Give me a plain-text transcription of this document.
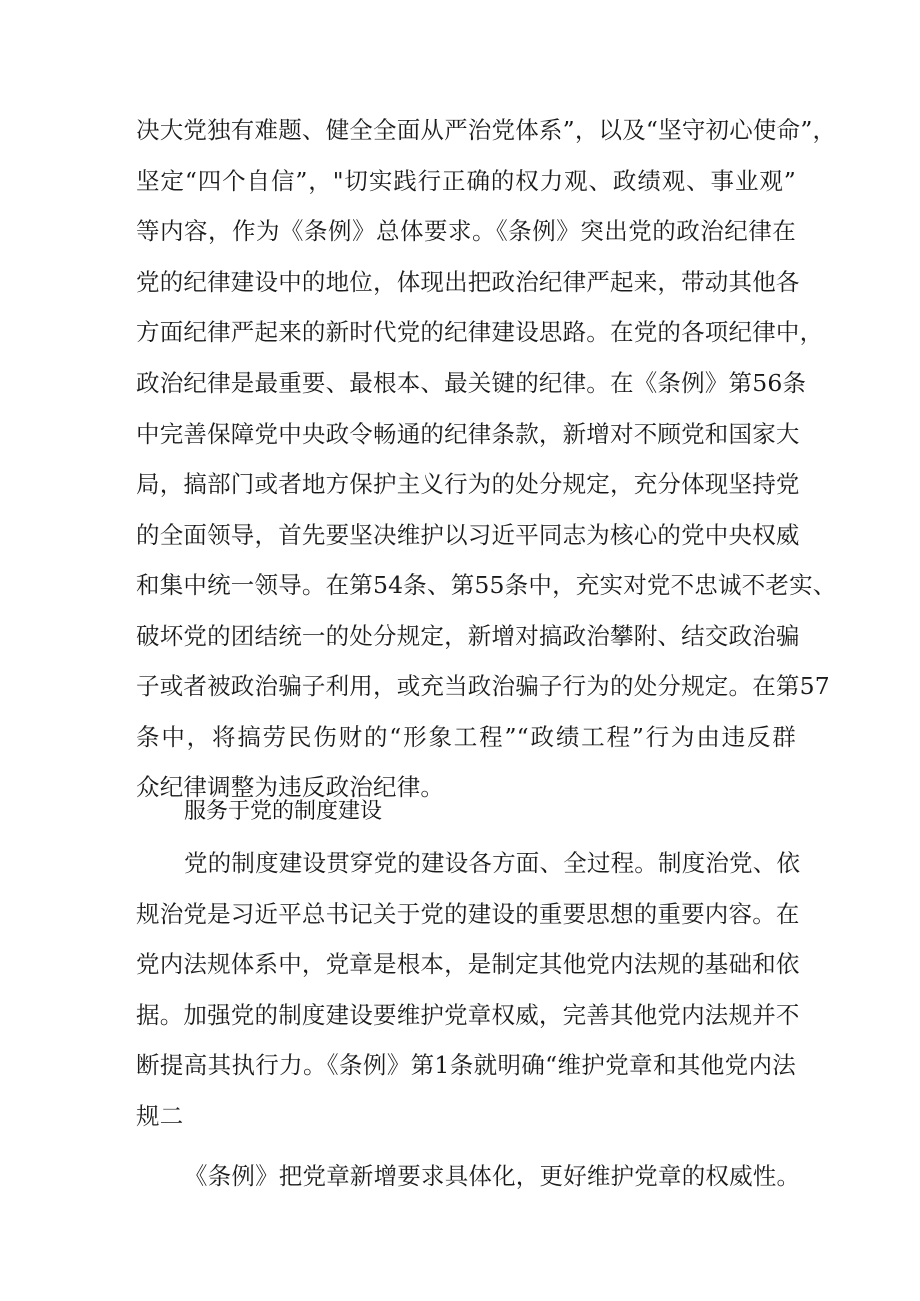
决大党独有难题、健全全面从严治党体系”，以及“坚守初心使命”，
坚定“四个自信”，"切实践行正确的权力观、政绩观、事业观”
等内容，作为《条例》总体要求。《条例》突出党的政治纪律在
党的纪律建设中的地位，体现出把政治纪律严起来，带动其他各
方面纪律严起来的新时代党的纪律建设思路。在党的各项纪律中，
政治纪律是最重要、最根本、最关键的纪律。在《条例》第56条
中完善保障党中央政令畅通的纪律条款，新增对不顾党和国家大
局，搞部门或者地方保护主义行为的处分规定，充分体现坚持党
的全面领导，首先要坚决维护以习近平同志为核心的党中央权威
和集中统一领导。在第54条、第55条中，充实对党不忠诚不老实、
破坏党的团结统一的处分规定，新增对搞政治攀附、结交政治骗
子或者被政治骗子利用，或充当政治骗子行为的处分规定。在第57
条中，将搞劳民伤财的“形象工程”“政绩工程”行为由违反群
众纪律调整为违反政治纪律。
服务于党的制度建设
党的制度建设贯穿党的建设各方面、全过程。制度治党、依
规治党是习近平总书记关于党的建设的重要思想的重要内容。在
党内法规体系中，党章是根本，是制定其他党内法规的基础和依
据。加强党的制度建设要维护党章权威，完善其他党内法规并不
断提高其执行力。《条例》第1条就明确“维护党章和其他党内法
规二
《条例》把党章新增要求具体化，更好维护党章的权威性。
